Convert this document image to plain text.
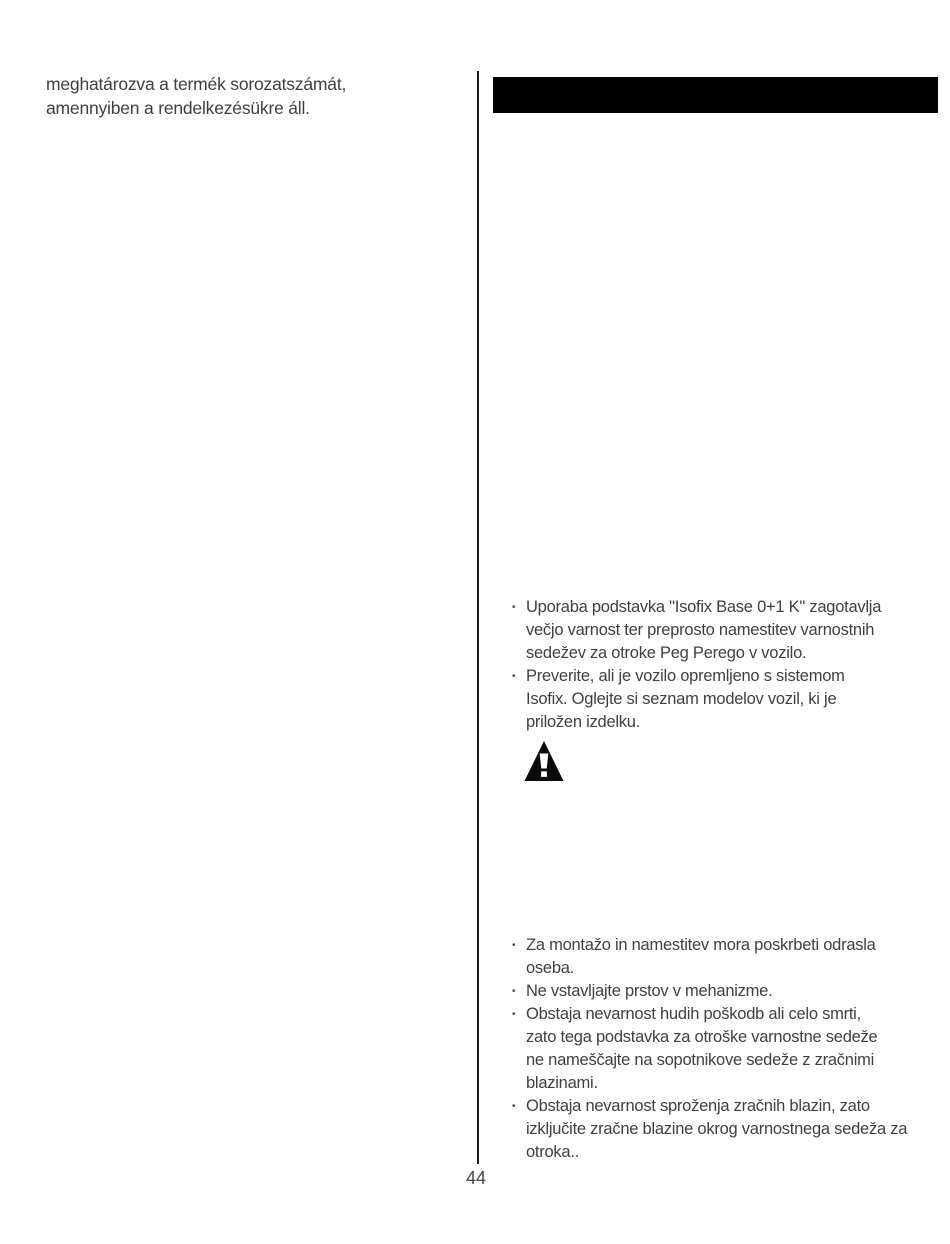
meghatározva a termék sorozatszámát,
amennyiben a rendelkezésükre áll.
• Uporaba podstavka "Isofix Base 0+1 K" zagotavlja
večjo varnost ter preprosto namestitev varnostnih
sedežev za otroke Peg Perego v vozilo.
• Preverite, ali je vozilo opremljeno s sistemom
Isofix. Oglejte si seznam modelov vozil, ki je
priložen izdelku.
• Za montažo in namestitev mora poskrbeti odrasla
oseba.
• Ne vstavljajte prstov v mehanizme.
• Obstaja nevarnost hudih poškodb ali celo smrti,
zato tega podstavka za otroške varnostne sedeže
ne nameščajte na sopotnikove sedeže z zračnimi
blazinami.
• Obstaja nevarnost sproženja zračnih blazin, zato
izključite zračne blazine okrog varnostnega sedeža za
otroka..
44
